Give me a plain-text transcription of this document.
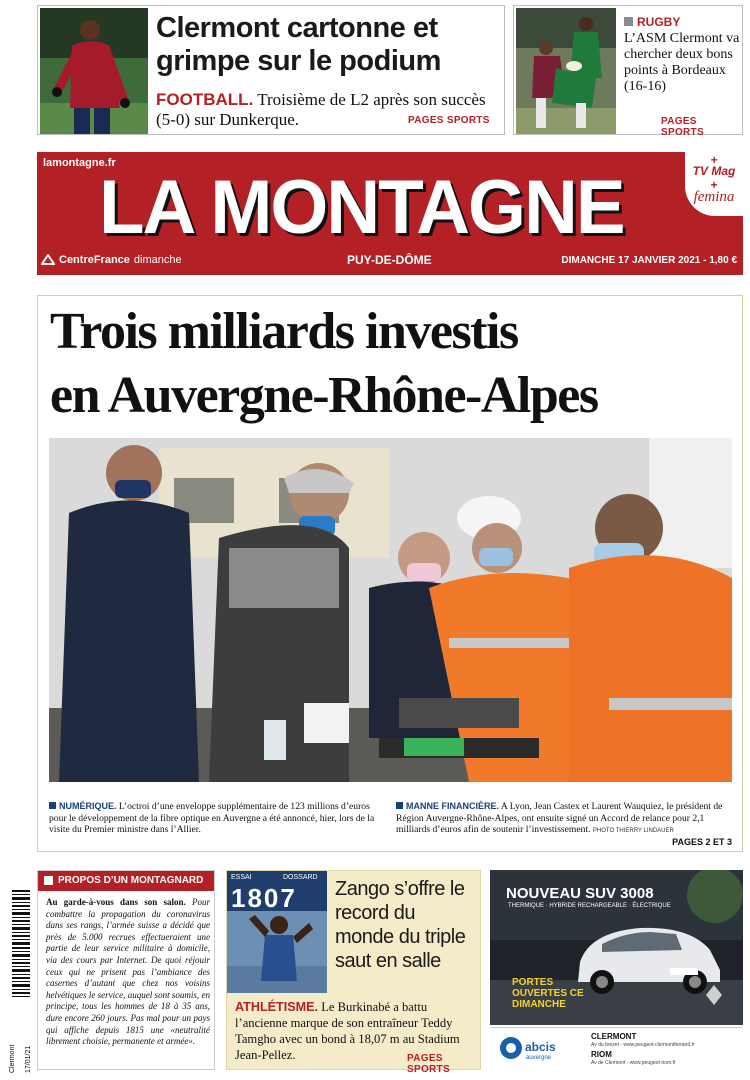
Clermont cartonne et grimpe sur le podium
FOOTBALL. Troisième de L2 après son succès (5-0) sur Dunkerque.	PAGES SPORTS
RUGBY
L’ASM Clermont va chercher deux bons points à Bordeaux (16-16)
PAGES SPORTS
lamontagne.fr
LA MONTAGNE
+
TV Mag
+
femina
CentreFrance dimanche	PUY-DE-DÔME	DIMANCHE 17 JANVIER 2021 - 1,80 €
Trois milliards investis
en Auvergne-Rhône-Alpes
NUMÉRIQUE. L’octroi d’une enveloppe supplémentaire de 123 millions d’euros pour le développement de la fibre optique en Auvergne a été annoncé, hier, lors de la visite du Premier ministre dans l’Allier.
MANNE FINANCIÈRE. A Lyon, Jean Castex et Laurent Wauquiez, le président de Région Auvergne-Rhône-Alpes, ont ensuite signé un Accord de relance pour 2,1 milliards d’euros afin de soutenir l’investissement. PHOTO THIERRY LINDAUER
PAGES 2 ET 3
Clermont 17/01/21
PROPOS D’UN MONTAGNARD
Au garde-à-vous dans son salon. Pour combattre la propagation du coronavirus dans ses rangs, l’armée suisse a décidé que près de 5.000 recrues effectueraient une partie de leur service militaire à domicile, via des cours par Internet. De quoi réjouir ceux qui ne prisent pas l’ambiance des casernes d’autant que chez nos voisins helvétiques le service, auquel sont soumis, en principe, tous les hommes de 18 à 35 ans, dure encore 260 jours. Pas mal pour un pays qui affiche depuis 1815 une «neutralité librement choisie, permanente et armée».
ESSAI	DOSSARD
1807 Zango s’offre le record du monde du triple saut en salle
ATHLÉTISME. Le Burkinabé a battu l’ancienne marque de son entraîneur Teddy Tamgho avec un bond à 18,07 m au Stadium Jean-Pellez.	PAGES SPORTS
NOUVEAU SUV 3008
THERMIQUE · HYBRIDE RECHARGEABLE · ÉLECTRIQUE
PORTES OUVERTES CE DIMANCHE
abcis
auvergne
CLERMONT
Av du brezet - www.peugeot-clermontferrand.fr
RIOM
Av de Clermont - www.peugeot-riom.fr
